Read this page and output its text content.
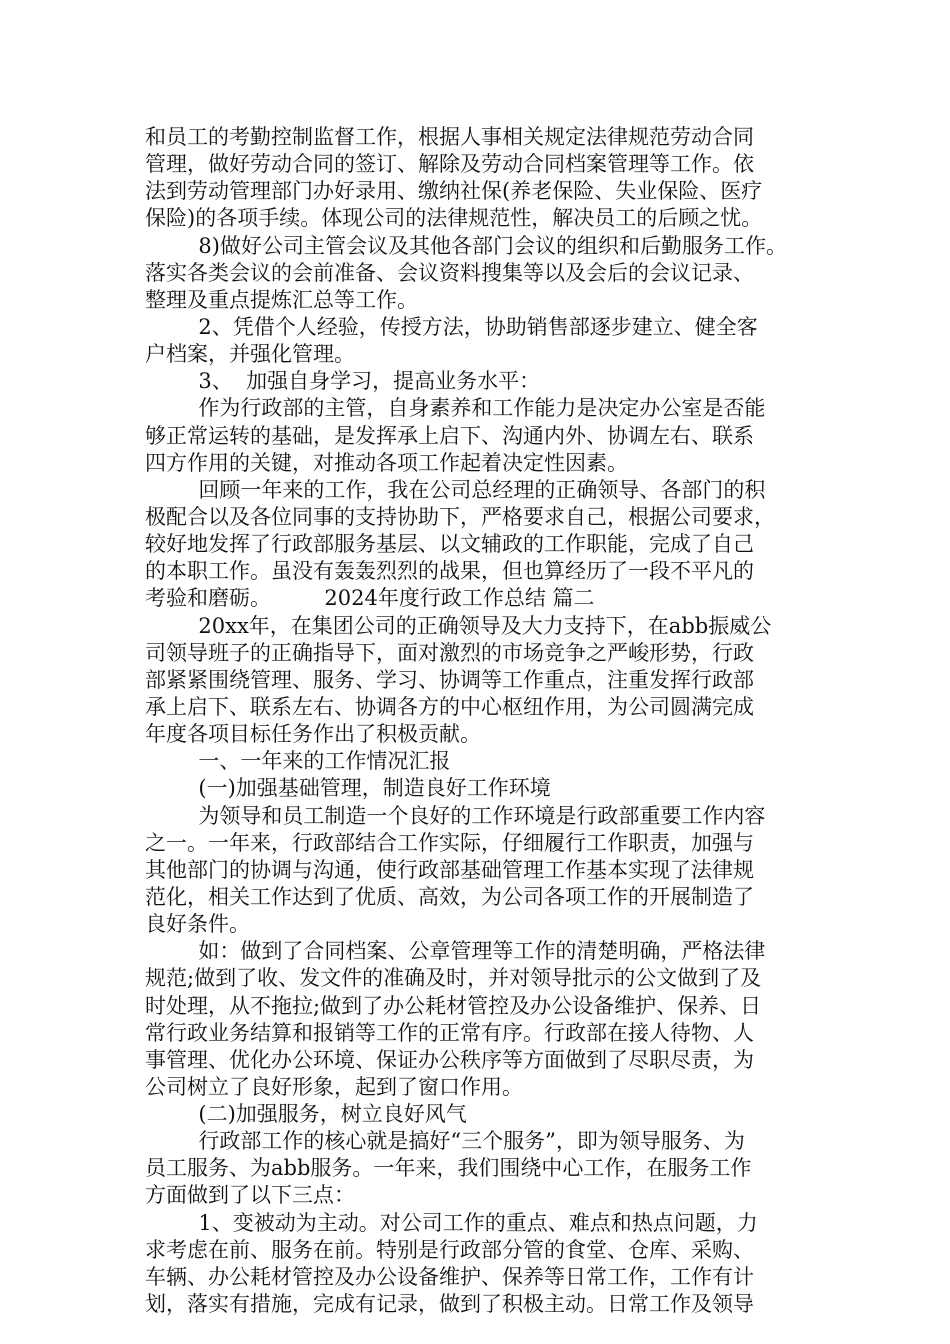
和员工的考勤控制监督工作，根据人事相关规定法律规范劳动合同
管理，做好劳动合同的签订、解除及劳动合同档案管理等工作。依
法到劳动管理部门办好录用、缴纳社保(养老保险、失业保险、医疗
保险)的各项手续。体现公司的法律规范性，解决员工的后顾之忧。
8)做好公司主管会议及其他各部门会议的组织和后勤服务工作。
落实各类会议的会前准备、会议资料搜集等以及会后的会议记录、
整理及重点提炼汇总等工作。
2、凭借个人经验，传授方法，协助销售部逐步建立、健全客
户档案，并强化管理。
3、  加强自身学习，提高业务水平：
作为行政部的主管，自身素养和工作能力是决定办公室是否能
够正常运转的基础，是发挥承上启下、沟通内外、协调左右、联系
四方作用的关键，对推动各项工作起着决定性因素。
回顾一年来的工作，我在公司总经理的正确领导、各部门的积
极配合以及各位同事的支持协助下，严格要求自己，根据公司要求，
较好地发挥了行政部服务基层、以文辅政的工作职能，完成了自己
的本职工作。虽没有轰轰烈烈的战果，但也算经历了一段不平凡的
考验和磨砺。        2024年度行政工作总结 篇二
20xx年，在集团公司的正确领导及大力支持下，在abb振威公
司领导班子的正确指导下，面对激烈的市场竞争之严峻形势，行政
部紧紧围绕管理、服务、学习、协调等工作重点，注重发挥行政部
承上启下、联系左右、协调各方的中心枢纽作用，为公司圆满完成
年度各项目标任务作出了积极贡献。
一、一年来的工作情况汇报
(一)加强基础管理，制造良好工作环境
为领导和员工制造一个良好的工作环境是行政部重要工作内容
之一。一年来，行政部结合工作实际，仔细履行工作职责，加强与
其他部门的协调与沟通，使行政部基础管理工作基本实现了法律规
范化，相关工作达到了优质、高效，为公司各项工作的开展制造了
良好条件。
如：做到了合同档案、公章管理等工作的清楚明确，严格法律
规范;做到了收、发文件的准确及时，并对领导批示的公文做到了及
时处理，从不拖拉;做到了办公耗材管控及办公设备维护、保养、日
常行政业务结算和报销等工作的正常有序。行政部在接人待物、人
事管理、优化办公环境、保证办公秩序等方面做到了尽职尽责，为
公司树立了良好形象，起到了窗口作用。
(二)加强服务，树立良好风气
行政部工作的核心就是搞好“三个服务”，即为领导服务、为
员工服务、为abb服务。一年来，我们围绕中心工作，在服务工作
方面做到了以下三点：
1、变被动为主动。对公司工作的重点、难点和热点问题，力
求考虑在前、服务在前。特别是行政部分管的食堂、仓库、采购、
车辆、办公耗材管控及办公设备维护、保养等日常工作，工作有计
划，落实有措施，完成有记录，做到了积极主动。日常工作及领导
